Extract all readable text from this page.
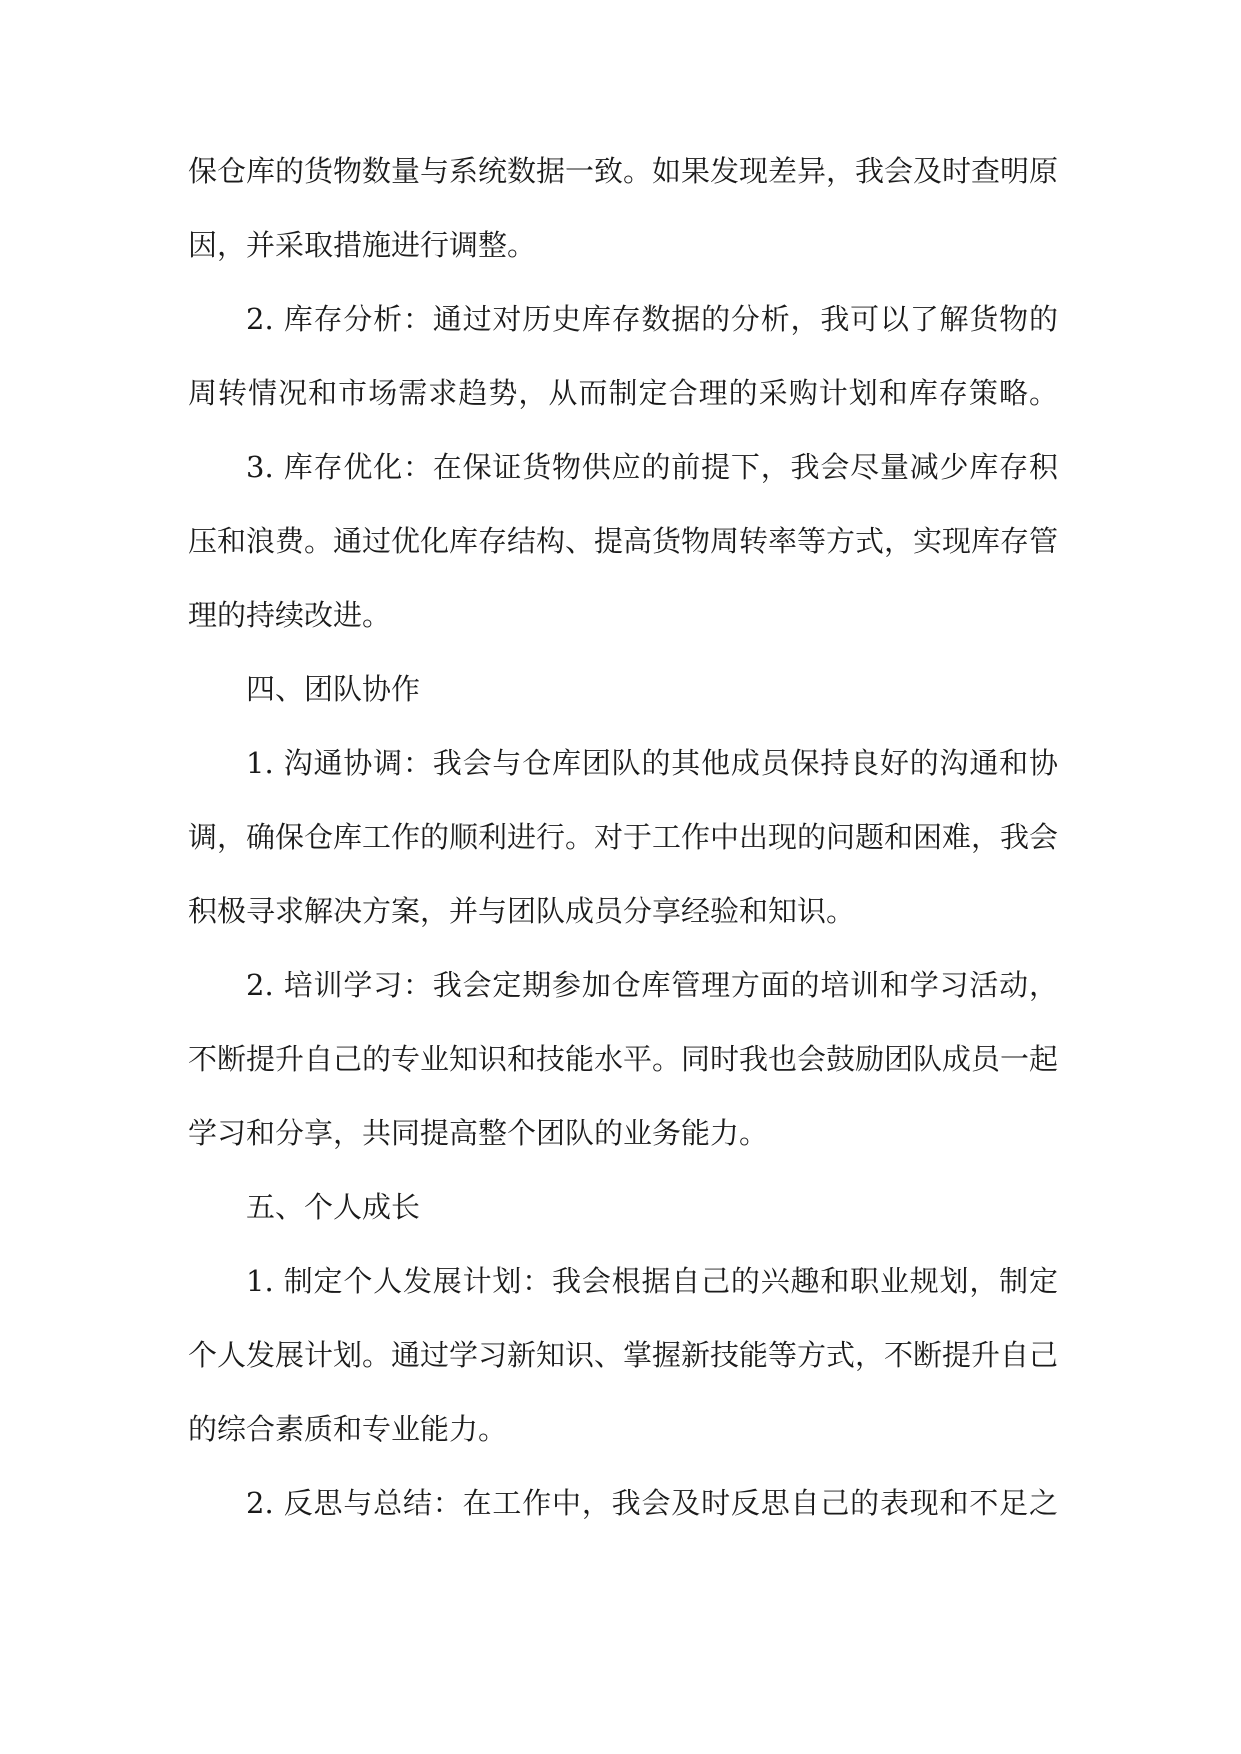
保仓库的货物数量与系统数据一致。如果发现差异，我会及时查明原
因，并采取措施进行调整。
2. 库存分析：通过对历史库存数据的分析，我可以了解货物的
周转情况和市场需求趋势，从而制定合理的采购计划和库存策略。
3. 库存优化：在保证货物供应的前提下，我会尽量减少库存积
压和浪费。通过优化库存结构、提高货物周转率等方式，实现库存管
理的持续改进。
四、团队协作
1. 沟通协调：我会与仓库团队的其他成员保持良好的沟通和协
调，确保仓库工作的顺利进行。对于工作中出现的问题和困难，我会
积极寻求解决方案，并与团队成员分享经验和知识。
2. 培训学习：我会定期参加仓库管理方面的培训和学习活动，
不断提升自己的专业知识和技能水平。同时我也会鼓励团队成员一起
学习和分享，共同提高整个团队的业务能力。
五、个人成长
1. 制定个人发展计划：我会根据自己的兴趣和职业规划，制定
个人发展计划。通过学习新知识、掌握新技能等方式，不断提升自己
的综合素质和专业能力。
2. 反思与总结：在工作中，我会及时反思自己的表现和不足之
